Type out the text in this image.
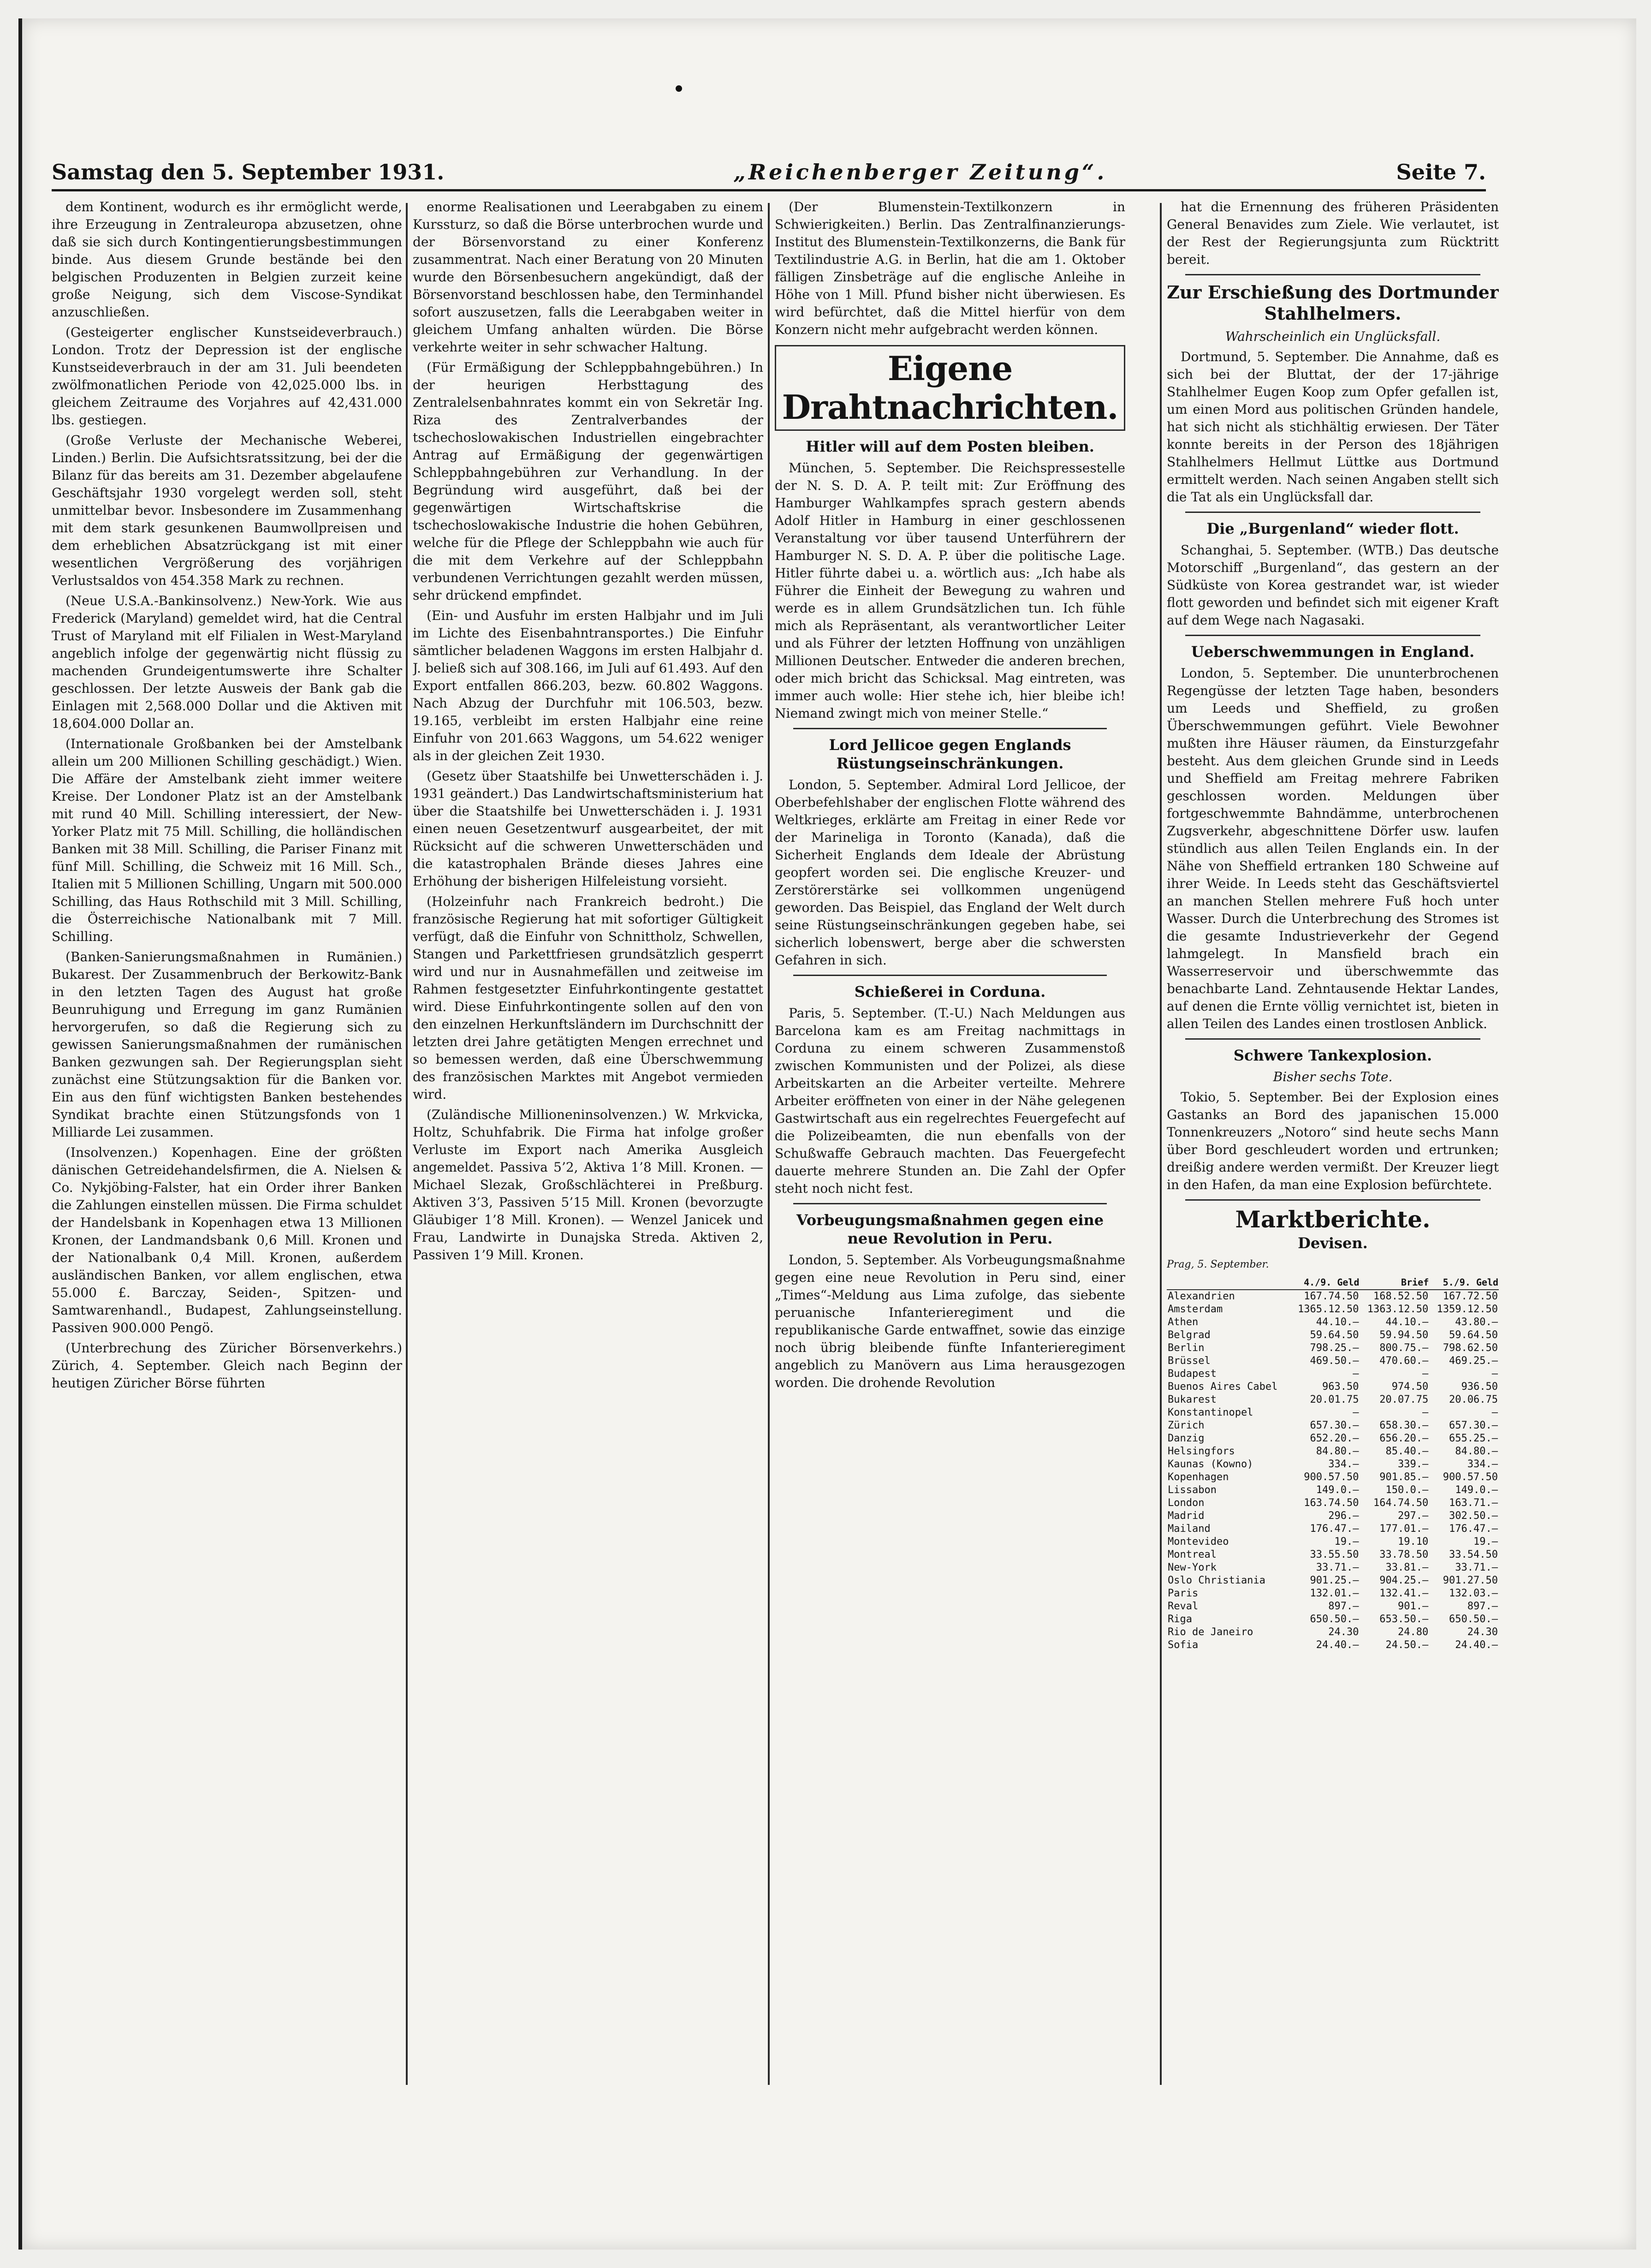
Samstag den 5. September 1931.	„Reichenberger Zeitung“.	Seite 7.

dem Kontinent, wodurch es ihr ermöglicht werde, ihre Erzeugung in Zentraleuropa abzusetzen, ohne daß sie sich durch Kontingentierungsbestimmungen binde. Aus diesem Grunde bestände bei den belgischen Produzenten in Belgien zurzeit keine große Neigung, sich dem Viscose-Syndikat anzuschließen.

(Gesteigerter englischer Kunstseideverbrauch.) London. Trotz der Depression ist der englische Kunstseideverbrauch in der am 31. Juli beendeten zwölfmonatlichen Periode von 42,025.000 lbs. in gleichem Zeitraume des Vorjahres auf 42,431.000 lbs. gestiegen.

(Große Verluste der Mechanische Weberei, Linden.) Berlin. Die Aufsichtsratssitzung, bei der die Bilanz für das bereits am 31. Dezember abgelaufene Geschäftsjahr 1930 vorgelegt werden soll, steht unmittelbar bevor. Insbesondere im Zusammenhang mit dem stark gesunkenen Baumwollpreisen und dem erheblichen Absatzrückgang ist mit einer wesentlichen Vergrößerung des vorjährigen Verlustsaldos von 454.358 Mark zu rechnen.

(Neue U.S.A.-Bankinsolvenz.) New-York. Wie aus Frederick (Maryland) gemeldet wird, hat die Central Trust of Maryland mit elf Filialen in West-Maryland angeblich infolge der gegenwärtig nicht flüssig zu machenden Grundeigentumswerte ihre Schalter geschlossen. Der letzte Ausweis der Bank gab die Einlagen mit 2,568.000 Dollar und die Aktiven mit 18,604.000 Dollar an.

(Internationale Großbanken bei der Amstelbank allein um 200 Millionen Schilling geschädigt.) Wien. Die Affäre der Amstelbank zieht immer weitere Kreise. Der Londoner Platz ist an der Amstelbank mit rund 40 Mill. Schilling interessiert, der New-Yorker Platz mit 75 Mill. Schilling, die holländischen Banken mit 38 Mill. Schilling, die Pariser Finanz mit fünf Mill. Schilling, die Schweiz mit 16 Mill. Sch., Italien mit 5 Millionen Schilling, Ungarn mit 500.000 Schilling, das Haus Rothschild mit 3 Mill. Schilling, die Österreichische Nationalbank mit 7 Mill. Schilling.

(Banken-Sanierungsmaßnahmen in Rumänien.) Bukarest. Der Zusammenbruch der Berkowitz-Bank in den letzten Tagen des August hat große Beunruhigung und Erregung im ganz Rumänien hervorgerufen, so daß die Regierung sich zu gewissen Sanierungsmaßnahmen der rumänischen Banken gezwungen sah. Der Regierungsplan sieht zunächst eine Stützungsaktion für die Banken vor. Ein aus den fünf wichtigsten Banken bestehendes Syndikat brachte einen Stützungsfonds von 1 Milliarde Lei zusammen.

(Insolvenzen.) Kopenhagen. Eine der größten dänischen Getreidehandelsfirmen, die A. Nielsen & Co. Nykjöbing-Falster, hat ein Order ihrer Banken die Zahlungen einstellen müssen. Die Firma schuldet der Handelsbank in Kopenhagen etwa 13 Millionen Kronen, der Landmandsbank 0,6 Mill. Kronen und der Nationalbank 0,4 Mill. Kronen, außerdem ausländischen Banken, vor allem englischen, etwa 55.000 £. Barczay, Seiden-, Spitzen- und Samtwarenhandl., Budapest, Zahlungseinstellung. Passiven 900.000 Pengö.

(Unterbrechung des Züricher Börsenverkehrs.) Zürich, 4. September. Gleich nach Beginn der heutigen Züricher Börse führten

enorme Realisationen und Leerabgaben zu einem Kurssturz, so daß die Börse unterbrochen wurde und der Börsenvorstand zu einer Konferenz zusammentrat. Nach einer Beratung von 20 Minuten wurde den Börsenbesuchern angekündigt, daß der Börsenvorstand beschlossen habe, den Terminhandel sofort auszusetzen, falls die Leerabgaben weiter in gleichem Umfang anhalten würden. Die Börse verkehrte weiter in sehr schwacher Haltung.

(Für Ermäßigung der Schleppbahngebühren.) In der heurigen Herbsttagung des Zentralelsenbahnrates kommt ein von Sekretär Ing. Riza des Zentralverbandes der tschechoslowakischen Industriellen eingebrachter Antrag auf Ermäßigung der gegenwärtigen Schleppbahngebühren zur Verhandlung. In der Begründung wird ausgeführt, daß bei der gegenwärtigen Wirtschaftskrise die tschechoslowakische Industrie die hohen Gebühren, welche für die Pflege der Schleppbahn wie auch für die mit dem Verkehre auf der Schleppbahn verbundenen Verrichtungen gezahlt werden müssen, sehr drückend empfindet.

(Ein- und Ausfuhr im ersten Halbjahr und im Juli im Lichte des Eisenbahntransportes.) Die Einfuhr sämtlicher beladenen Waggons im ersten Halbjahr d. J. beließ sich auf 308.166, im Juli auf 61.493. Auf den Export entfallen 866.203, bezw. 60.802 Waggons. Nach Abzug der Durchfuhr mit 106.503, bezw. 19.165, verbleibt im ersten Halbjahr eine reine Einfuhr von 201.663 Waggons, um 54.622 weniger als in der gleichen Zeit 1930.

(Gesetz über Staatshilfe bei Unwetterschäden i. J. 1931 geändert.) Das Landwirtschaftsministerium hat über die Staatshilfe bei Unwetterschäden i. J. 1931 einen neuen Gesetzentwurf ausgearbeitet, der mit Rücksicht auf die schweren Unwetterschäden und die katastrophalen Brände dieses Jahres eine Erhöhung der bisherigen Hilfeleistung vorsieht.

(Holzeinfuhr nach Frankreich bedroht.) Die französische Regierung hat mit sofortiger Gültigkeit verfügt, daß die Einfuhr von Schnittholz, Schwellen, Stangen und Parkettfriesen grundsätzlich gesperrt wird und nur in Ausnahmefällen und zeitweise im Rahmen festgesetzter Einfuhrkontingente gestattet wird. Diese Einfuhrkontingente sollen auf den von den einzelnen Herkunftsländern im Durchschnitt der letzten drei Jahre getätigten Mengen errechnet und so bemessen werden, daß eine Überschwemmung des französischen Marktes mit Angebot vermieden wird.

(Zuländische Millioneninsolvenzen.) W. Mrkvicka, Holtz, Schuhfabrik. Die Firma hat infolge großer Verluste im Export nach Amerika Ausgleich angemeldet. Passiva 5’2, Aktiva 1’8 Mill. Kronen. — Michael Slezak, Großschlächterei in Preßburg. Aktiven 3’3, Passiven 5’15 Mill. Kronen (bevorzugte Gläubiger 1’8 Mill. Kronen). — Wenzel Janicek und Frau, Landwirte in Dunajska Streda. Aktiven 2, Passiven 1’9 Mill. Kronen.

(Der Blumenstein-Textilkonzern in Schwierigkeiten.) Berlin. Das Zentralfinanzierungs-Institut des Blumenstein-Textilkonzerns, die Bank für Textilindustrie A.G. in Berlin, hat die am 1. Oktober fälligen Zinsbeträge auf die englische Anleihe in Höhe von 1 Mill. Pfund bisher nicht überwiesen. Es wird befürchtet, daß die Mittel hierfür von dem Konzern nicht mehr aufgebracht werden können.

Eigene Drahtnachrichten.
Hitler will auf dem Posten bleiben.

München, 5. September. Die Reichspressestelle der N. S. D. A. P. teilt mit: Zur Eröffnung des Hamburger Wahlkampfes sprach gestern abends Adolf Hitler in Hamburg in einer geschlossenen Veranstaltung vor über tausend Unterführern der Hamburger N. S. D. A. P. über die politische Lage. Hitler führte dabei u. a. wörtlich aus: „Ich habe als Führer die Einheit der Bewegung zu wahren und werde es in allem Grundsätzlichen tun. Ich fühle mich als Repräsentant, als verantwortlicher Leiter und als Führer der letzten Hoffnung von unzähligen Millionen Deutscher. Entweder die anderen brechen, oder mich bricht das Schicksal. Mag eintreten, was immer auch wolle: Hier stehe ich, hier bleibe ich! Niemand zwingt mich von meiner Stelle.“

Lord Jellicoe gegen Englands Rüstungseinschränkungen.

London, 5. September. Admiral Lord Jellicoe, der Oberbefehlshaber der englischen Flotte während des Weltkrieges, erklärte am Freitag in einer Rede vor der Marineliga in Toronto (Kanada), daß die Sicherheit Englands dem Ideale der Abrüstung geopfert worden sei. Die englische Kreuzer- und Zerstörerstärke sei vollkommen ungenügend geworden. Das Beispiel, das England der Welt durch seine Rüstungseinschränkungen gegeben habe, sei sicherlich lobenswert, berge aber die schwersten Gefahren in sich.

Schießerei in Corduna.

Paris, 5. September. (T.-U.) Nach Meldungen aus Barcelona kam es am Freitag nachmittags in Corduna zu einem schweren Zusammenstoß zwischen Kommunisten und der Polizei, als diese Arbeitskarten an die Arbeiter verteilte. Mehrere Arbeiter eröffneten von einer in der Nähe gelegenen Gastwirtschaft aus ein regelrechtes Feuergefecht auf die Polizeibeamten, die nun ebenfalls von der Schußwaffe Gebrauch machten. Das Feuergefecht dauerte mehrere Stunden an. Die Zahl der Opfer steht noch nicht fest.

Vorbeugungsmaßnahmen gegen eine neue Revolution in Peru.

London, 5. September. Als Vorbeugungsmaßnahme gegen eine neue Revolution in Peru sind, einer „Times“-Meldung aus Lima zufolge, das siebente peruanische Infanterieregiment und die republikanische Garde entwaffnet, sowie das einzige noch übrig bleibende fünfte Infanterieregiment angeblich zu Manövern aus Lima herausgezogen worden. Die drohende Revolution

hat die Ernennung des früheren Präsidenten General Benavides zum Ziele. Wie verlautet, ist der Rest der Regierungsjunta zum Rücktritt bereit.

Zur Erschießung des Dortmunder Stahlhelmers.
Wahrscheinlich ein Unglücksfall.

Dortmund, 5. September. Die Annahme, daß es sich bei der Bluttat, der der 17-jährige Stahlhelmer Eugen Koop zum Opfer gefallen ist, um einen Mord aus politischen Gründen handele, hat sich nicht als stichhältig erwiesen. Der Täter konnte bereits in der Person des 18jährigen Stahlhelmers Hellmut Lüttke aus Dortmund ermittelt werden. Nach seinen Angaben stellt sich die Tat als ein Unglücksfall dar.

Die „Burgenland“ wieder flott.

Schanghai, 5. September. (WTB.) Das deutsche Motorschiff „Burgenland“, das gestern an der Südküste von Korea gestrandet war, ist wieder flott geworden und befindet sich mit eigener Kraft auf dem Wege nach Nagasaki.

Ueberschwemmungen in England.

London, 5. September. Die ununterbrochenen Regengüsse der letzten Tage haben, besonders um Leeds und Sheffield, zu großen Überschwemmungen geführt. Viele Bewohner mußten ihre Häuser räumen, da Einsturzgefahr besteht. Aus dem gleichen Grunde sind in Leeds und Sheffield am Freitag mehrere Fabriken geschlossen worden. Meldungen über fortgeschwemmte Bahndämme, unterbrochenen Zugsverkehr, abgeschnittene Dörfer usw. laufen stündlich aus allen Teilen Englands ein. In der Nähe von Sheffield ertranken 180 Schweine auf ihrer Weide. In Leeds steht das Geschäftsviertel an manchen Stellen mehrere Fuß hoch unter Wasser. Durch die Unterbrechung des Stromes ist die gesamte Industrieverkehr der Gegend lahmgelegt. In Mansfield brach ein Wasserreservoir und überschwemmte das benachbarte Land. Zehntausende Hektar Landes, auf denen die Ernte völlig vernichtet ist, bieten in allen Teilen des Landes einen trostlosen Anblick.

Schwere Tankexplosion.
Bisher sechs Tote.

Tokio, 5. September. Bei der Explosion eines Gastanks an Bord des japanischen 15.000 Tonnenkreuzers „Notoro“ sind heute sechs Mann über Bord geschleudert worden und ertrunken; dreißig andere werden vermißt. Der Kreuzer liegt in den Hafen, da man eine Explosion befürchtete.

Marktberichte.
Devisen.
Prag, 5. September.
	4./9. Geld	Brief	5./9. Geld
Alexandrien	167.74.50	168.52.50	167.72.50
Amsterdam	1365.12.50	1363.12.50	1359.12.50
Athen	44.10.—	44.10.—	43.80.—
Belgrad	59.64.50	59.94.50	59.64.50
Berlin	798.25.—	800.75.—	798.62.50
Brüssel	469.50.—	470.60.—	469.25.—
Budapest	—	—	—
Buenos Aires Cabel	963.50	974.50	936.50
Bukarest	20.01.75	20.07.75	20.06.75
Konstantinopel	—	—	—
Zürich	657.30.—	658.30.—	657.30.—
Danzig	652.20.—	656.20.—	655.25.—
Helsingfors	84.80.—	85.40.—	84.80.—
Kaunas (Kowno)	334.—	339.—	334.—
Kopenhagen	900.57.50	901.85.—	900.57.50
Lissabon	149.0.—	150.0.—	149.0.—
London	163.74.50	164.74.50	163.71.—
Madrid	296.—	297.—	302.50.—
Mailand	176.47.—	177.01.—	176.47.—
Montevideo	19.—	19.10	19.—
Montreal	33.55.50	33.78.50	33.54.50
New-York	33.71.—	33.81.—	33.71.—
Oslo Christiania	901.25.—	904.25.—	901.27.50
Paris	132.01.—	132.41.—	132.03.—
Reval	897.—	901.—	897.—
Riga	650.50.—	653.50.—	650.50.—
Rio de Janeiro	24.30	24.80	24.30
Sofia	24.40.—	24.50.—	24.40.—
